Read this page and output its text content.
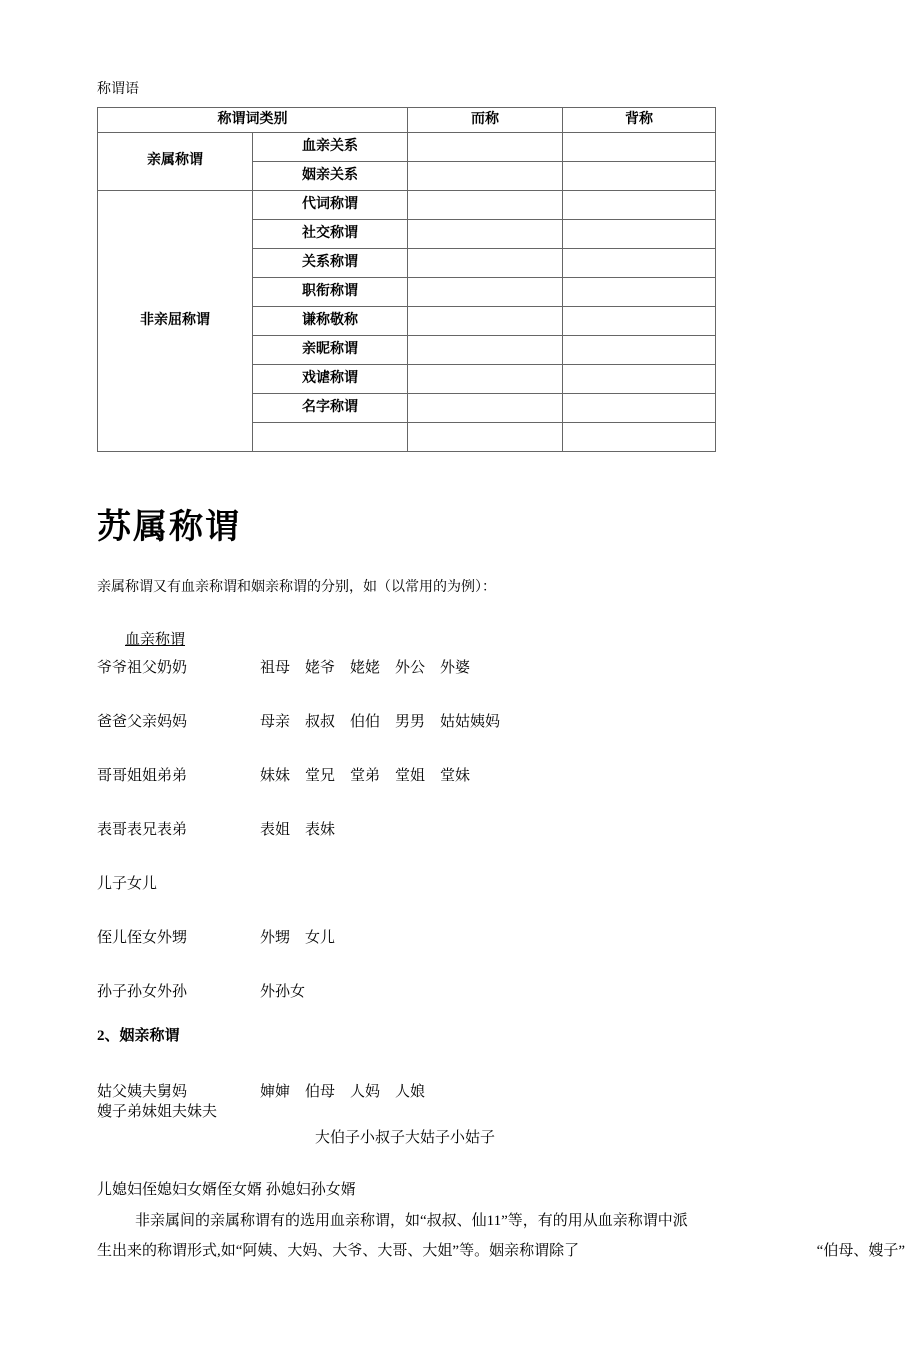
称谓语
称谓词类别		而称	背称
亲属称谓	血亲关系		
	姻亲关系		
非亲屈称谓	代词称谓		
	社交称谓		
	关系称谓		
	职衔称谓		
	谦称敬称		
	亲昵称谓		
	戏谑称谓		
	名字称谓		

苏属称谓

亲属称谓又有血亲称谓和姻亲称谓的分别，如（以常用的为例）：

血亲称谓
爷爷祖父奶奶	祖母　姥爷　姥姥　外公　外婆
爸爸父亲妈妈	母亲　叔叔　伯伯　男男　姑姑姨妈
哥哥姐姐弟弟	妹妹　堂兄　堂弟　堂姐　堂妹
表哥表兄表弟	表姐　表妹
儿子女儿
侄儿侄女外甥	外甥　女儿
孙子孙女外孙	外孙女
2、姻亲称谓
姑父姨夫舅妈	婶婶　伯母　人妈　人娘
嫂子弟妹姐夫妹夫
大伯子小叔子大姑子小姑子
儿媳妇侄媳妇女婿侄女婿 孙媳妇孙女婿
非亲属间的亲属称谓有的选用血亲称谓，如“叔叔、仙11”等，有的用从血亲称谓中派
生出来的称谓形式,如“阿姨、大妈、大爷、大哥、大姐”等。姻亲称谓除了	“伯母、嫂子”
